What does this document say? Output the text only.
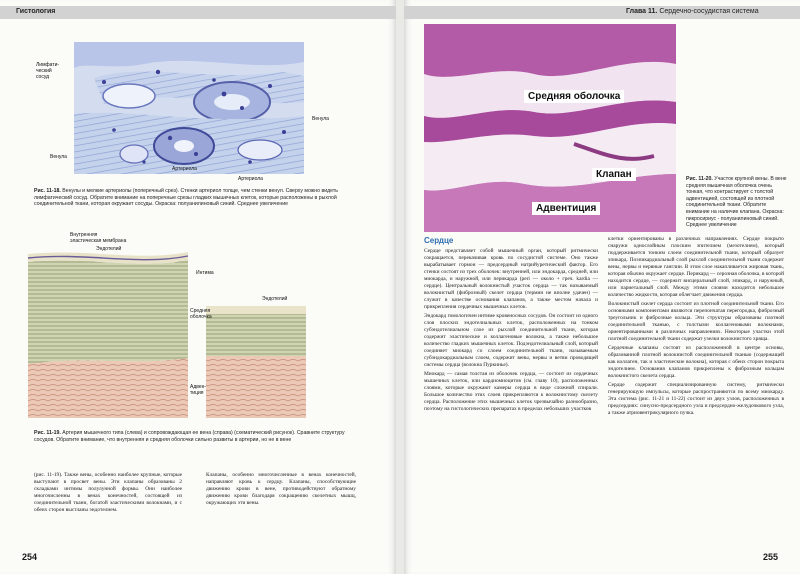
Гистология
Лимфати-
ческий
сосуд
Венула
Венула
Артериола
Артериола
Рис. 11-18. Венулы и мелкие артериолы (поперечный срез). Стенки артериол толще, чем стенки венул. Сверху можно видеть лимфатический сосуд. Обратите внимание на поперечные срезы гладких мышечных клеток, которые расположены в рыхлой соединительной ткани, которая окружает сосуды. Окраска: полуанилиновый синий. Среднее увеличение
Внутренняя
эластическая мембрана
Эндотелий
Интима
Эндотелий
Средняя
оболочка
Адвен-
тиция
Рис. 11-19. Артерия мышечного типа (слева) и сопровождающая ее вена (справа) (схематический рисунок). Сравните структуру сосудов. Обратите внимание, что внутренняя и средняя оболочки сильно развиты в артерии, но не в вене
(рис. 11-19). Также вены, особенно наиболее крупные, которые выступают в просвет вены. Эти клапаны образованы 2 складками интимы полулунной формы. Они наиболее многочисленны в венах конечностей, состоящей из соединительной ткани, богатой эластическими волокнами, и с обеих сторон выстланы эндотелием.
Клапаны, особенно многочисленные в венах конечностей, направляют кровь к сердцу. Клапаны, способствующие движению крови в вене, противодействуют обратному движению крови благодаря сокращению скелетных мышц, окружающих эти вены.
254
Глава 11. Сердечно-сосудистая система
Средняя оболочка
Клапан
Адвентиция
Рис. 11-20. Участок крупной вены. В вене средняя мышечная оболочка очень тонкая, что контрастирует с толстой адвентицией, состоящей из плотной соединительной ткани. Обратите внимание на наличие клапана. Окраска: пикросириус - полуанилиновый синий. Среднее увеличение
Сердце

Сердце представляет собой мышечный орган, который ритмически сокращается, перекачивая кровь по сосудистой системе. Оно также вырабатывает гормон — предсердный натрийуретический фактор. Его стенки состоят из трех оболочек: внутренней, или эндокарда, средней, или миокарда, и наружной, или перикарда (peri — около + греч. kardia — сердце). Центральный волокнистый участок сердца — так называемый волокнистый (фиброзный) скелет сердца (термин не вполне удачен) — служит в качестве основания клапанов, а также местом начала и прикрепления сердечных мышечных клеток.

Эндокард гомологичен интиме кровеносных сосудов. Он состоит из одного слоя плоских эндотелиальных клеток, расположенных на тонком субэндотелиальном слое из рыхлой соединительной ткани, которая содержит эластические и коллагеновые волокна, а также небольшое количество гладких мышечных клеток. Подэндотелиальный слой, который соединяет миокард со слоем соединительной ткани, называемым субэндокардиальным слоем, содержит вены, нервы и ветви проводящей системы сердца (волокна Пуркинье).

Миокард — самая толстая из оболочек сердца, — состоит из сердечных мышечных клеток, или кардиомиоцитов (см. главу 10), расположенных слоями, которые окружают камеры сердца в виде сложной спирали. Большое количество этих слоев прикрепляются к волокнистому скелету сердца. Расположение этих мышечных клеток чрезвычайно разнообразно, поэтому на гистологических препаратах в пределах небольших участков

клетки ориентированы в различных направлениях. Сердце покрыто снаружи одноcлойным плоским эпителием (мезотелием), который поддерживается тонким слоем соединительной ткани, который образует эпикард. Поэпикардиальный слой рыхлой соединительной ткани содержит вены, нервы и нервные ганглии. В этом слое накапливается жировая ткань, которая обычно окружает сердце. Перикард — серозная оболочка, в которой находится сердце, — содержит висцеральный слой, эпикард, и наружный, или париетальный слой. Между этими слоями находится небольшое количество жидкости, которая облегчает движения сердца.

Волокнистый скелет сердца состоит из плотной соединительной ткани. Его основными компонентами являются перепончатая перегородка, фиброзный треугольник и фиброзные кольца. Эти структуры образованы плотной соединительной тканью, с толстыми коллагеновыми волокнами, ориентированными в различных направлениях. Некоторые участки этой плотной соединительной ткани содержат узелки волокнистого хряща.

Сердечные клапаны состоят из расположенной в центре основы, образованной плотной волокнистой соединительной тканью (содержащей как коллаген, так и эластические волокна), которая с обеих сторон покрыта эндотелием. Основания клапанов прикреплены к фиброзным кольцам волокнистого скелета сердца.

Сердце содержит специализированную систему, ритмически генерирующую импульсы, которые распространяются по всему миокарду. Эта система (рис. 11-21 и 11-22) состоит из двух узлов, расположенных в предсердиях: синусно-предсердного узла и предсердно-желудочкового узла, а также атриовентрикулярного пучка.

255
